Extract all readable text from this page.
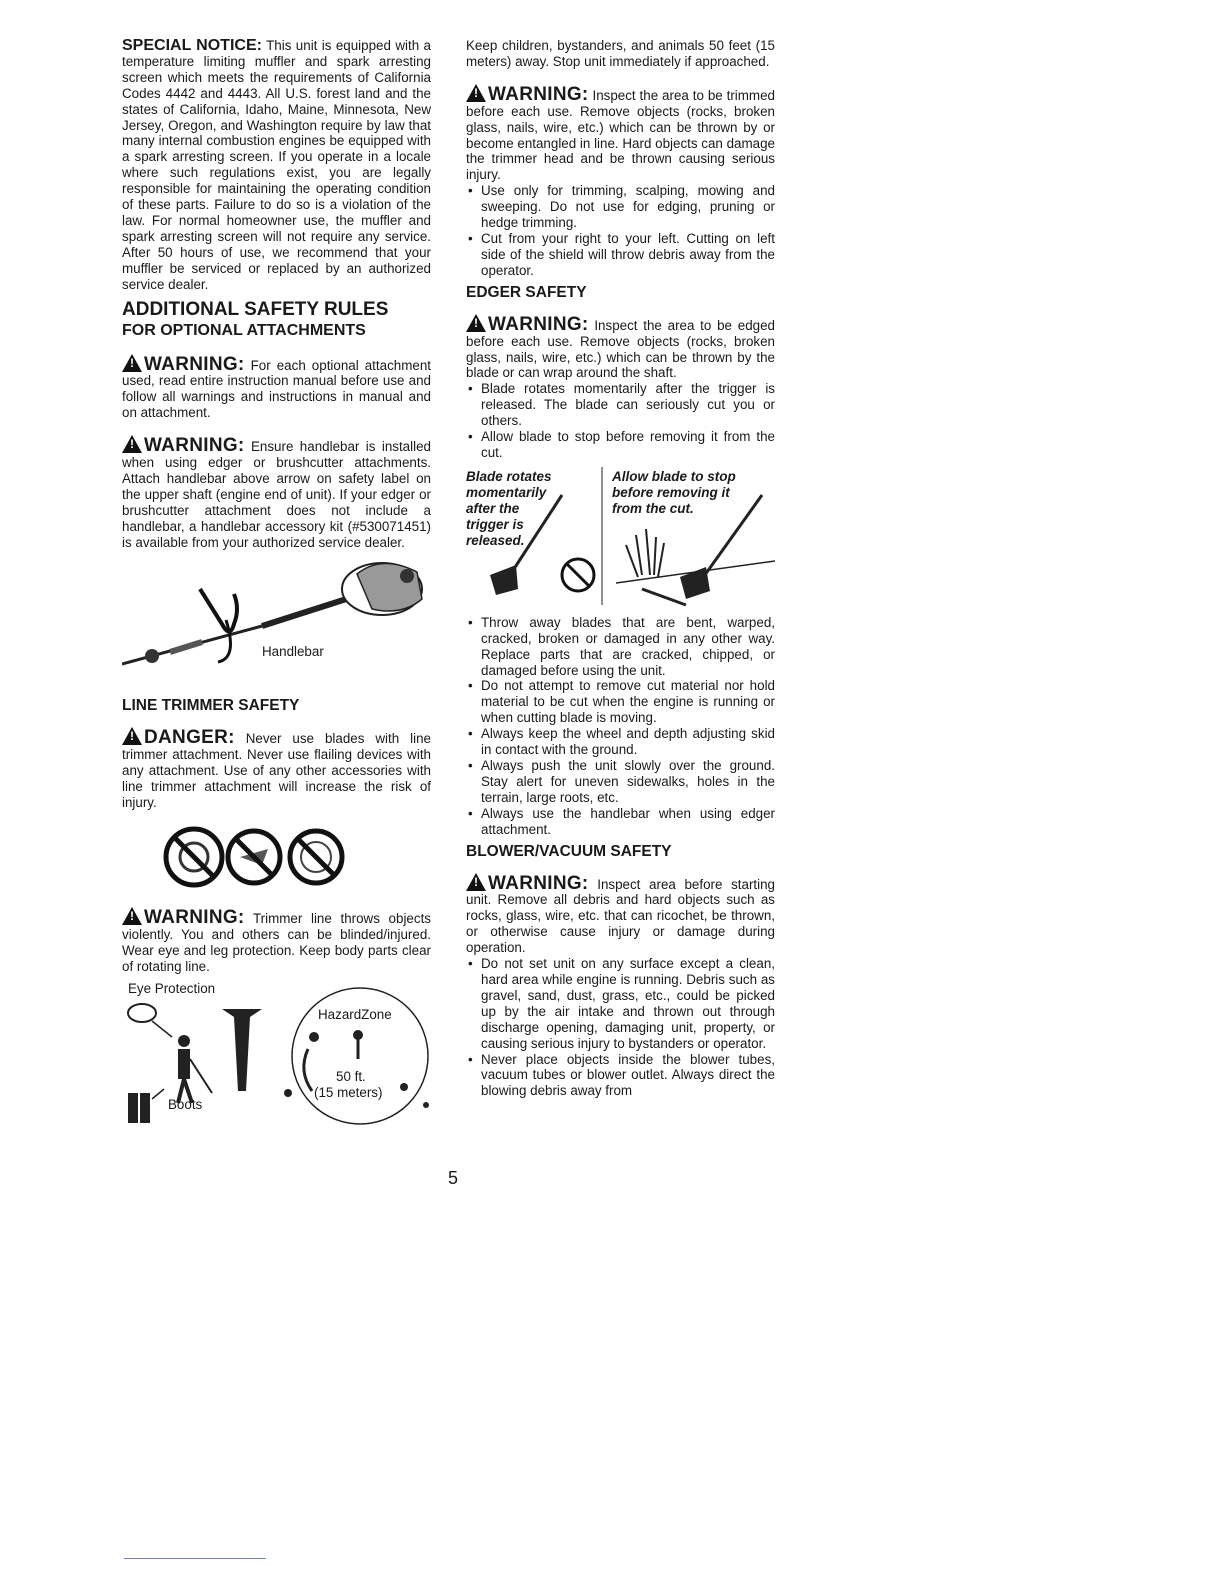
SPECIAL NOTICE: This unit is equipped with a temperature limiting muffler and spark arresting screen which meets the requirements of California Codes 4442 and 4443. All U.S. forest land and the states of California, Idaho, Maine, Minnesota, New Jersey, Oregon, and Washington require by law that many internal combustion engines be equipped with a spark arresting screen. If you operate in a locale where such regulations exist, you are legally responsible for maintaining the operating condition of these parts. Failure to do so is a violation of the law. For normal homeowner use, the muffler and spark arresting screen will not require any service. After 50 hours of use, we recommend that your muffler be serviced or replaced by an authorized service dealer.

ADDITIONAL SAFETY RULES
FOR OPTIONAL ATTACHMENTS

!WARNING: For each optional attachment used, read entire instruction manual before use and follow all warnings and instructions in manual and on attachment.

!WARNING: Ensure handlebar is installed when using edger or brushcutter attachments. Attach handlebar above arrow on safety label on the upper shaft (engine end of unit). If your edger or brushcutter attachment does not include a handlebar, a handlebar accessory kit (#530071451) is available from your authorized service dealer.

Handlebar
LINE TRIMMER SAFETY

!DANGER: Never use blades with line trimmer attachment. Never use flailing devices with any attachment. Use of any other accessories with line trimmer attachment will increase the risk of injury.

!WARNING: Trimmer line throws objects violently. You and others can be blinded/injured. Wear eye and leg protection. Keep body parts clear of rotating line.

Eye Protection
Boots
HazardZone
50 ft.
(15 meters)

Keep children, bystanders, and animals 50 feet (15 meters) away. Stop unit immediately if approached.

!WARNING: Inspect the area to be trimmed before each use. Remove objects (rocks, broken glass, nails, wire, etc.) which can be thrown by or become entangled in line. Hard objects can damage the trimmer head and be thrown causing serious injury.

• Use only for trimming, scalping, mowing and sweeping. Do not use for edging, pruning or hedge trimming.
• Cut from your right to your left. Cutting on left side of the shield will throw debris away from the operator.
EDGER SAFETY

!WARNING: Inspect the area to be edged before each use. Remove objects (rocks, broken glass, nails, wire, etc.) which can be thrown by the blade or can wrap around the shaft.

• Blade rotates momentarily after the trigger is released. The blade can seriously cut you or others.
• Allow blade to stop before removing it from the cut.
Blade rotates momentarily after the trigger is released.
Allow blade to stop before removing it from the cut.
• Throw away blades that are bent, warped, cracked, broken or damaged in any other way. Replace parts that are cracked, chipped, or damaged before using the unit.
• Do not attempt to remove cut material nor hold material to be cut when the engine is running or when cutting blade is moving.
• Always keep the wheel and depth adjusting skid in contact with the ground.
• Always push the unit slowly over the ground. Stay alert for uneven sidewalks, holes in the terrain, large roots, etc.
• Always use the handlebar when using edger attachment.
BLOWER/VACUUM SAFETY

!WARNING: Inspect area before starting unit. Remove all debris and hard objects such as rocks, glass, wire, etc. that can ricochet, be thrown, or otherwise cause injury or damage during operation.

• Do not set unit on any surface except a clean, hard area while engine is running. Debris such as gravel, sand, dust, grass, etc., could be picked up by the air intake and thrown out through discharge opening, damaging unit, property, or causing serious injury to bystanders or operator.
• Never place objects inside the blower tubes, vacuum tubes or blower outlet. Always direct the blowing debris away from
5
